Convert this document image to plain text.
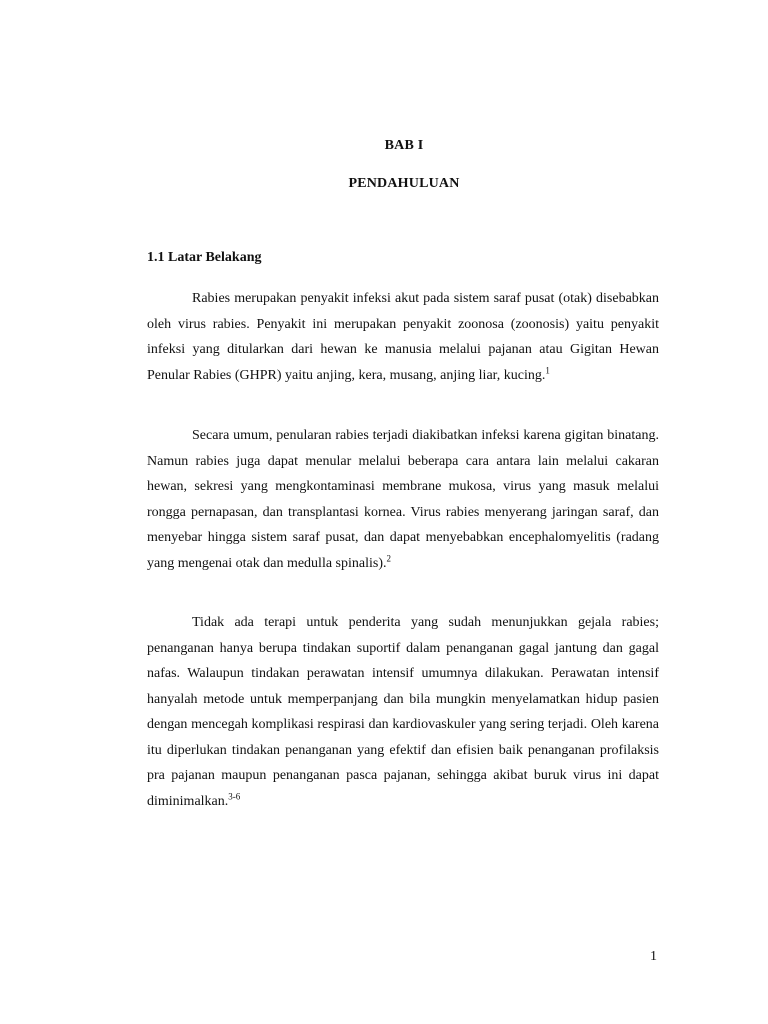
BAB I
PENDAHULUAN
1.1 Latar Belakang

Rabies merupakan penyakit infeksi akut pada sistem saraf pusat (otak) disebabkan oleh virus rabies. Penyakit ini merupakan penyakit zoonosa (zoonosis) yaitu penyakit infeksi yang ditularkan dari hewan ke manusia melalui pajanan atau Gigitan Hewan Penular Rabies (GHPR) yaitu anjing, kera, musang, anjing liar, kucing.$^1$

Secara umum, penularan rabies terjadi diakibatkan infeksi karena gigitan binatang. Namun rabies juga dapat menular melalui beberapa cara antara lain melalui cakaran hewan, sekresi yang mengkontaminasi membrane mukosa, virus yang masuk melalui rongga pernapasan, dan transplantasi kornea. Virus rabies menyerang jaringan saraf, dan menyebar hingga sistem saraf pusat, dan dapat menyebabkan encephalomyelitis (radang yang mengenai otak dan medulla spinalis).$^2$

Tidak ada terapi untuk penderita yang sudah menunjukkan gejala rabies; penanganan hanya berupa tindakan suportif dalam penanganan gagal jantung dan gagal nafas. Walaupun tindakan perawatan intensif umumnya dilakukan. Perawatan intensif hanyalah metode untuk memperpanjang dan bila mungkin menyelamatkan hidup pasien dengan mencegah komplikasi respirasi dan kardiovaskuler yang sering terjadi. Oleh karena itu diperlukan tindakan penanganan yang efektif dan efisien baik penanganan profilaksis pra pajanan maupun penanganan pasca pajanan, sehingga akibat buruk virus ini dapat diminimalkan.$^{3-6}$

1
